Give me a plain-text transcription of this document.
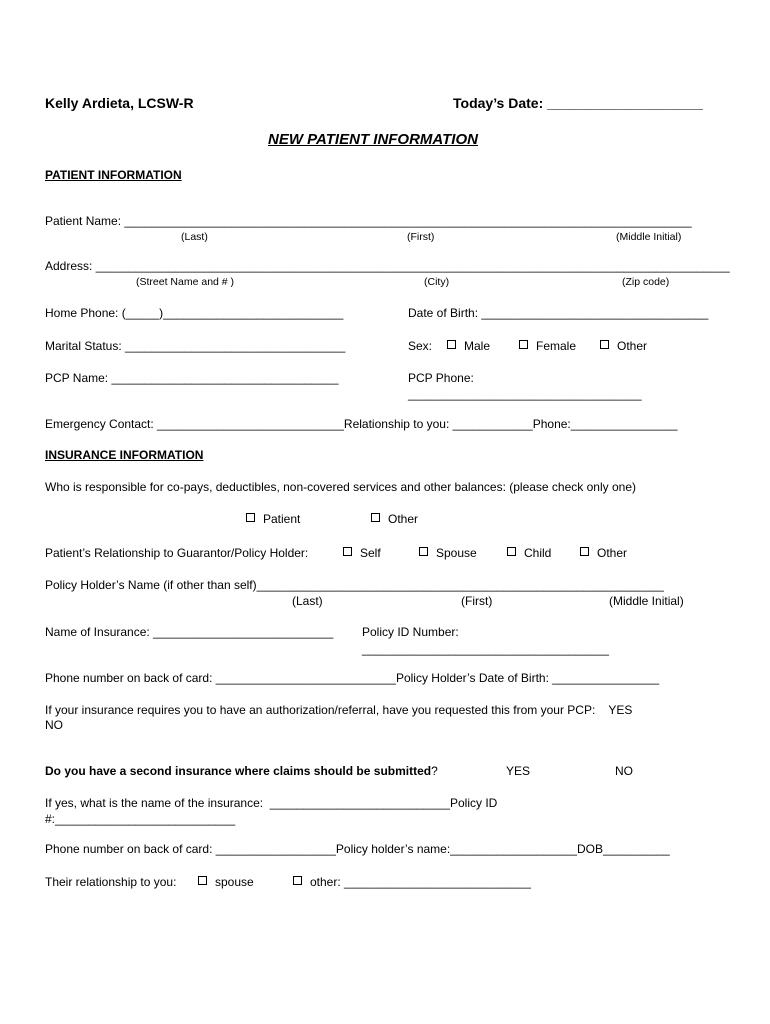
Kelly Ardieta, LCSW-R	Today’s Date: ____________________
NEW PATIENT INFORMATION
PATIENT INFORMATION
Patient Name: _____________________________________________________________________________________
(Last)	(First)	(Middle Initial)
Address: _______________________________________________________________________________________________
(Street Name and # )	(City)	(Zip code)
Home Phone: (_____)___________________________	Date of Birth: __________________________________
Marital Status: _________________________________	Sex:	Male	Female	Other
PCP Name: __________________________________	PCP Phone:
___________________________________
Emergency Contact: ____________________________Relationship to you: ____________Phone:________________
INSURANCE INFORMATION
Who is responsible for co-pays, deductibles, non-covered services and other balances: (please check only one)
Patient	Other
Patient’s Relationship to Guarantor/Policy Holder:	Self	Spouse	Child	Other
Policy Holder’s Name (if other than self)_____________________________________________________________
(Last)	(First)	(Middle Initial)
Name of Insurance: ___________________________ Policy ID Number:
_____________________________________
Phone number on back of card: ___________________________Policy Holder’s Date of Birth: ________________
If your insurance requires you to have an authorization/referral, have you requested this from your PCP:    YES
NO
Do you have a second insurance where claims should be submitted?	YES	NO
If yes, what is the name of the insurance:  ___________________________Policy ID
#:___________________________
Phone number on back of card: __________________Policy holder’s name:___________________DOB__________
Their relationship to you:	spouse	other: ____________________________
